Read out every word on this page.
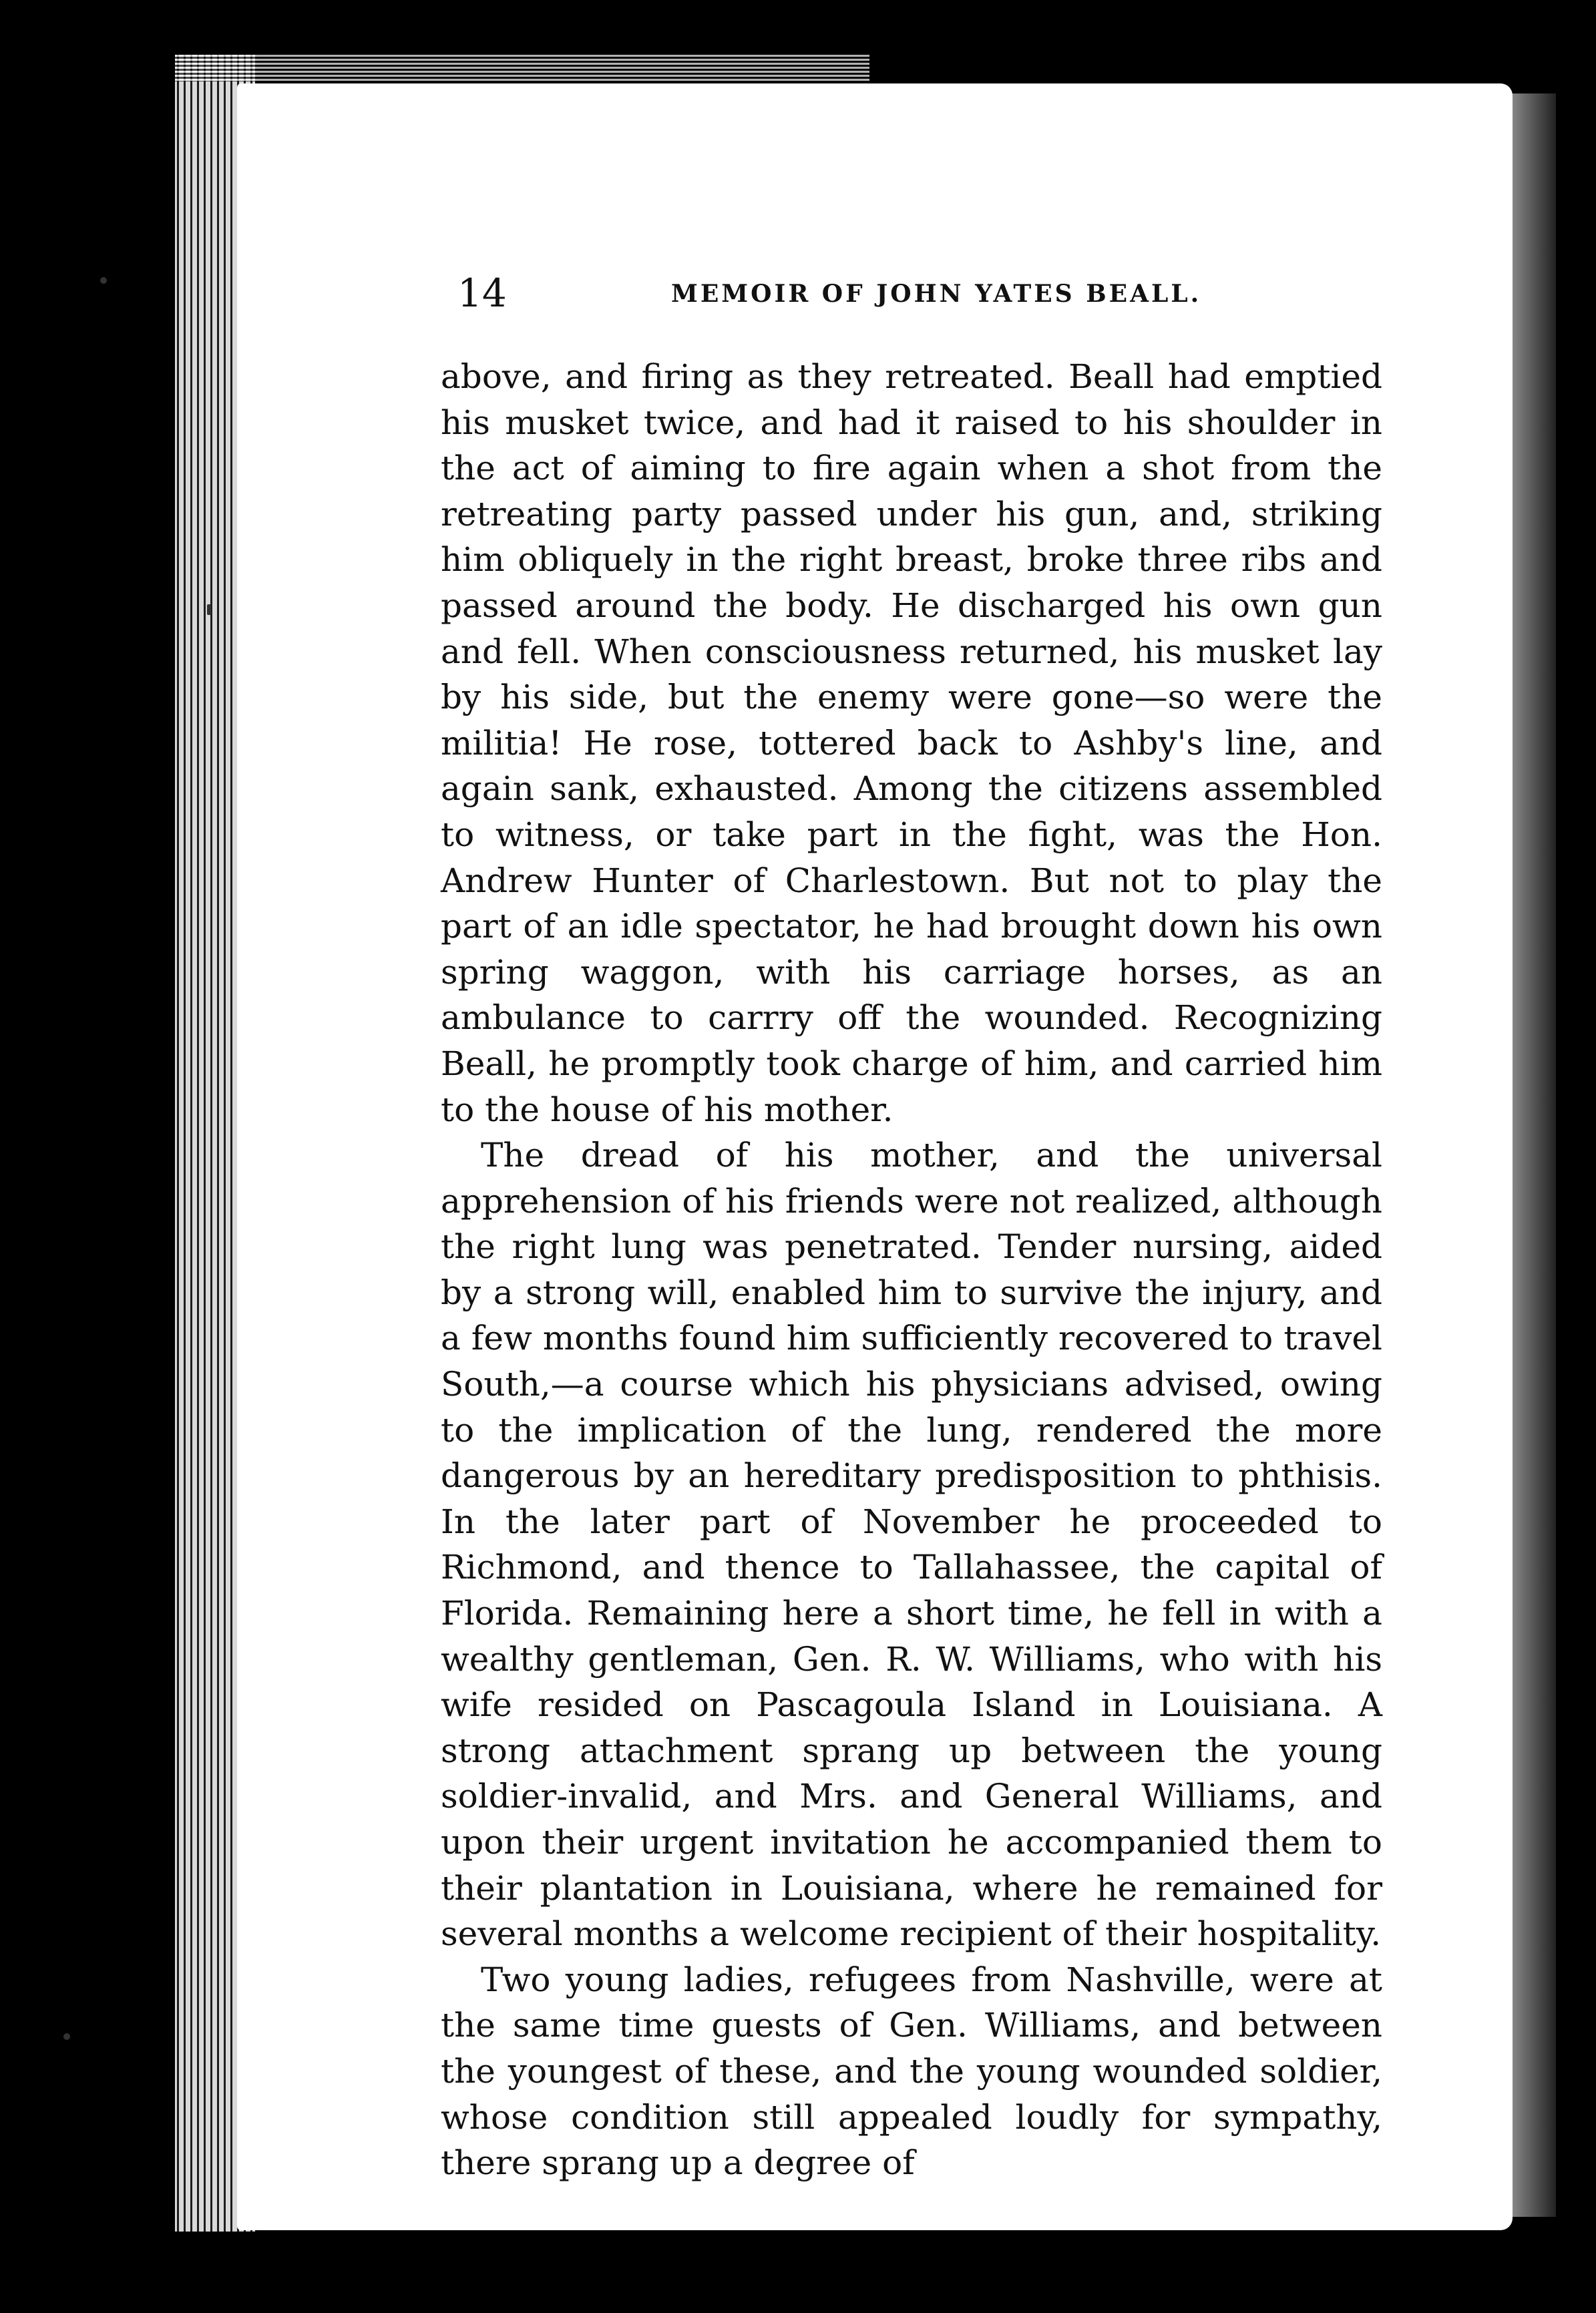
14	MEMOIR OF JOHN YATES BEALL.

above, and firing as they retreated. Beall had emptied his musket twice, and had it raised to his shoulder in the act of aiming to fire again when a shot from the retreating party passed under his gun, and, striking him obliquely in the right breast, broke three ribs and passed around the body. He discharged his own gun and fell. When consciousness returned, his musket lay by his side, but the enemy were gone—so were the militia! He rose, tottered back to Ashby's line, and again sank, exhausted. Among the citizens assembled to witness, or take part in the fight, was the Hon. Andrew Hunter of Charlestown. But not to play the part of an idle spectator, he had brought down his own spring waggon, with his carriage horses, as an ambulance to carrry off the wounded. Recognizing Beall, he promptly took charge of him, and carried him to the house of his mother.

The dread of his mother, and the universal apprehension of his friends were not realized, although the right lung was penetrated. Tender nursing, aided by a strong will, enabled him to survive the injury, and a few months found him sufficiently recovered to travel South,—a course which his physicians advised, owing to the implication of the lung, rendered the more dangerous by an hereditary predisposition to phthisis. In the later part of November he proceeded to Richmond, and thence to Tallahassee, the capital of Florida. Remaining here a short time, he fell in with a wealthy gentleman, Gen. R. W. Williams, who with his wife resided on Pascagoula Island in Louisiana. A strong attachment sprang up between the young soldier-invalid, and Mrs. and General Williams, and upon their urgent invitation he accompanied them to their plantation in Louisiana, where he remained for several months a welcome recipient of their hospitality.

Two young ladies, refugees from Nashville, were at the same time guests of Gen. Williams, and between the youngest of these, and the young wounded soldier, whose condition still appealed loudly for sympathy, there sprang up a degree of
